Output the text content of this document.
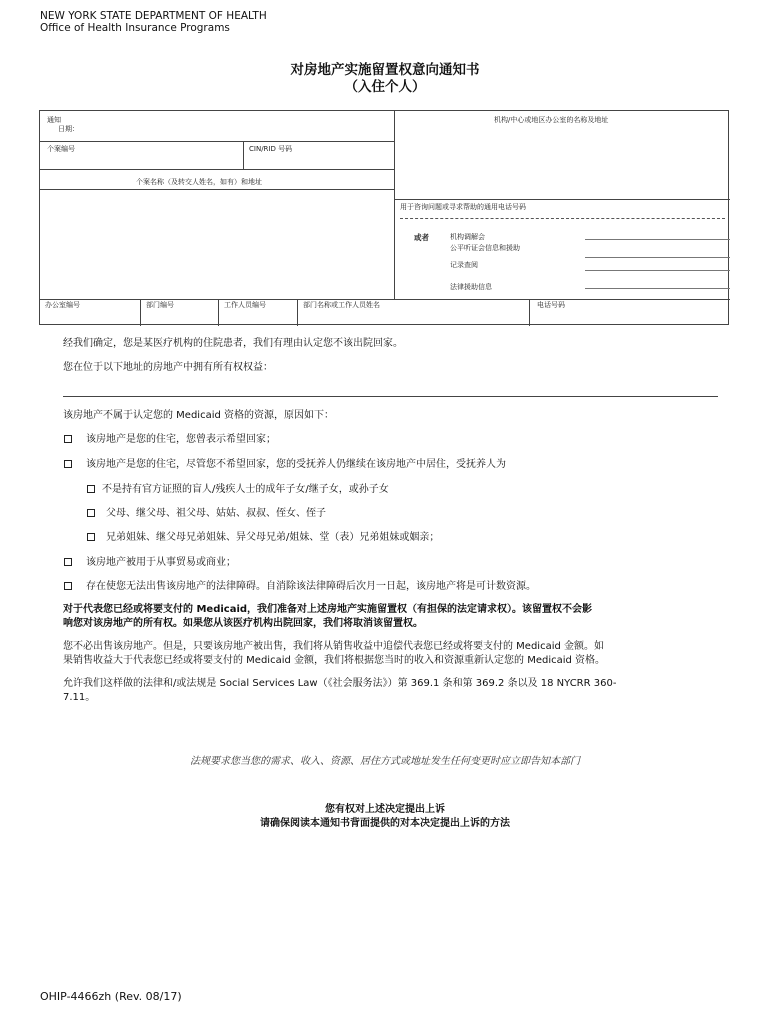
NEW YORK STATE DEPARTMENT OF HEALTH
Office of Health Insurance Programs
对房地产实施留置权意向通知书
（入住个人）
通知
日期：
机构/中心或地区办公室的名称及地址
个案编号	CIN/RID 号码
个案名称（及转交人姓名，如有）和地址
用于咨询问题或寻求帮助的通用电话号码
或者	机构调解会
公平听证会信息和援助
记录查阅
法律援助信息
办公室编号	部门编号	工作人员编号	部门名称或工作人员姓名	电话号码
经我们确定，您是某医疗机构的住院患者，我们有理由认定您不该出院回家。
您在位于以下地址的房地产中拥有所有权权益：
该房地产不属于认定您的 Medicaid 资格的资源，原因如下：
该房地产是您的住宅，您曾表示希望回家；
该房地产是您的住宅，尽管您不希望回家，您的受抚养人仍继续在该房地产中居住，受抚养人为
不是持有官方证照的盲人/残疾人士的成年子女/继子女，或孙子女
父母、继父母、祖父母、姑姑、叔叔、侄女、侄子
兄弟姐妹、继父母兄弟姐妹、异父母兄弟/姐妹、堂（表）兄弟姐妹或姻亲；
该房地产被用于从事贸易或商业；
存在使您无法出售该房地产的法律障碍。自消除该法律障碍后次月一日起，该房地产将是可计数资源。
对于代表您已经或将要支付的 Medicaid，我们准备对上述房地产实施留置权（有担保的法定请求权）。该留置权不会影
响您对该房地产的所有权。如果您从该医疗机构出院回家，我们将取消该留置权。
您不必出售该房地产。但是，只要该房地产被出售，我们将从销售收益中追偿代表您已经或将要支付的 Medicaid 金额。如
果销售收益大于代表您已经或将要支付的 Medicaid 金额，我们将根据您当时的收入和资源重新认定您的 Medicaid 资格。
允许我们这样做的法律和/或法规是 Social Services Law（《社会服务法》）第 369.1 条和第 369.2 条以及 18 NYCRR 360-
7.11。
法规要求您当您的需求、收入、资源、居住方式或地址发生任何变更时应立即告知本部门
您有权对上述决定提出上诉
请确保阅读本通知书背面提供的对本决定提出上诉的方法
OHIP-4466zh (Rev. 08/17)
